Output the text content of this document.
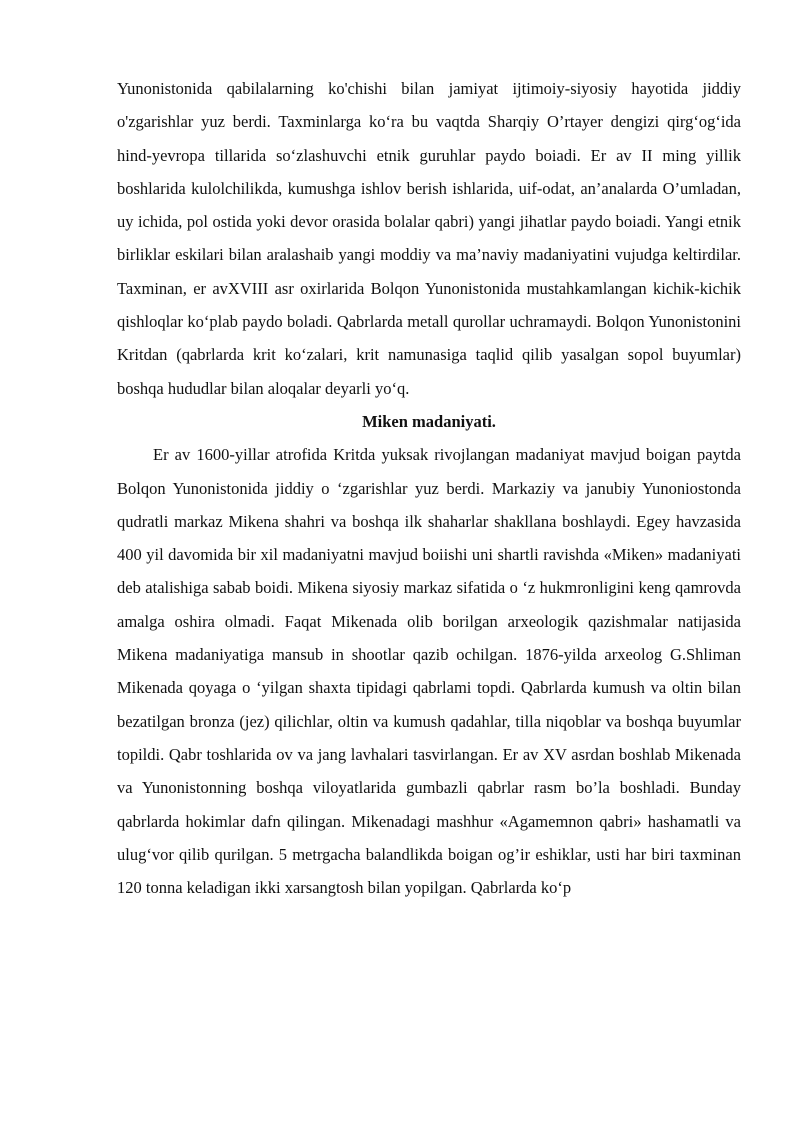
Yunonistonida qabilalarning ko'chishi bilan jamiyat ijtimoiy-siyosiy hayotida jiddiy o'zgarishlar yuz berdi. Taxminlarga ko‘ra bu vaqtda Sharqiy O’rtayer dengizi qirg‘og‘ida hind-yevropa tillarida so‘zlashuvchi etnik guruhlar paydo boiadi. Er av II ming yillik boshlarida kulolchilikda, kumushga ishlov berish ishlarida, uif-odat, an’analarda O’umladan, uy ichida, pol ostida yoki devor orasida bolalar qabri) yangi jihatlar paydo boiadi. Yangi etnik birliklar eskilari bilan aralashaib yangi moddiy va ma’naviy madaniyatini vujudga keltirdilar. Taxminan, er avXVIII asr oxirlarida Bolqon Yunonistonida mustahkamlangan kichik-kichik qishloqlar ko‘plab paydo boladi. Qabrlarda metall qurollar uchramaydi. Bolqon Yunonistonini Kritdan (qabrlarda krit ko‘zalari, krit namunasiga taqlid qilib yasalgan sopol buyumlar) boshqa hududlar bilan aloqalar deyarli yo‘q.

Miken madaniyati.

Er av 1600-yillar atrofida Kritda yuksak rivojlangan madaniyat mavjud boigan paytda Bolqon Yunonistonida jiddiy o ‘zgarishlar yuz berdi. Markaziy va janubiy Yunoniostonda qudratli markaz Mikena shahri va boshqa ilk shaharlar shakllana boshlaydi. Egey havzasida 400 yil davomida bir xil madaniyatni mavjud boiishi uni shartli ravishda «Miken» madaniyati deb atalishiga sabab boidi. Mikena siyosiy markaz sifatida o ‘z hukmronligini keng qamrovda amalga oshira olmadi. Faqat Mikenada olib borilgan arxeologik qazishmalar natijasida Mikena madaniyatiga mansub in shootlar qazib ochilgan. 1876-yilda arxeolog G.Shliman Mikenada qoyaga o ‘yilgan shaxta tipidagi qabrlami topdi. Qabrlarda kumush va oltin bilan bezatilgan bronza (jez) qilichlar, oltin va kumush qadahlar, tilla niqoblar va boshqa buyumlar topildi. Qabr toshlarida ov va jang lavhalari tasvirlangan. Er av XV asrdan boshlab Mikenada va Yunonistonning boshqa viloyatlarida gumbazli qabrlar rasm bo’la boshladi. Bunday qabrlarda hokimlar dafn qilingan. Mikenadagi mashhur «Agamemnon qabri» hashamatli va ulug‘vor qilib qurilgan. 5 metrgacha balandlikda boigan og’ir eshiklar, usti har biri taxminan 120 tonna keladigan ikki xarsangtosh bilan yopilgan. Qabrlarda ko‘p
